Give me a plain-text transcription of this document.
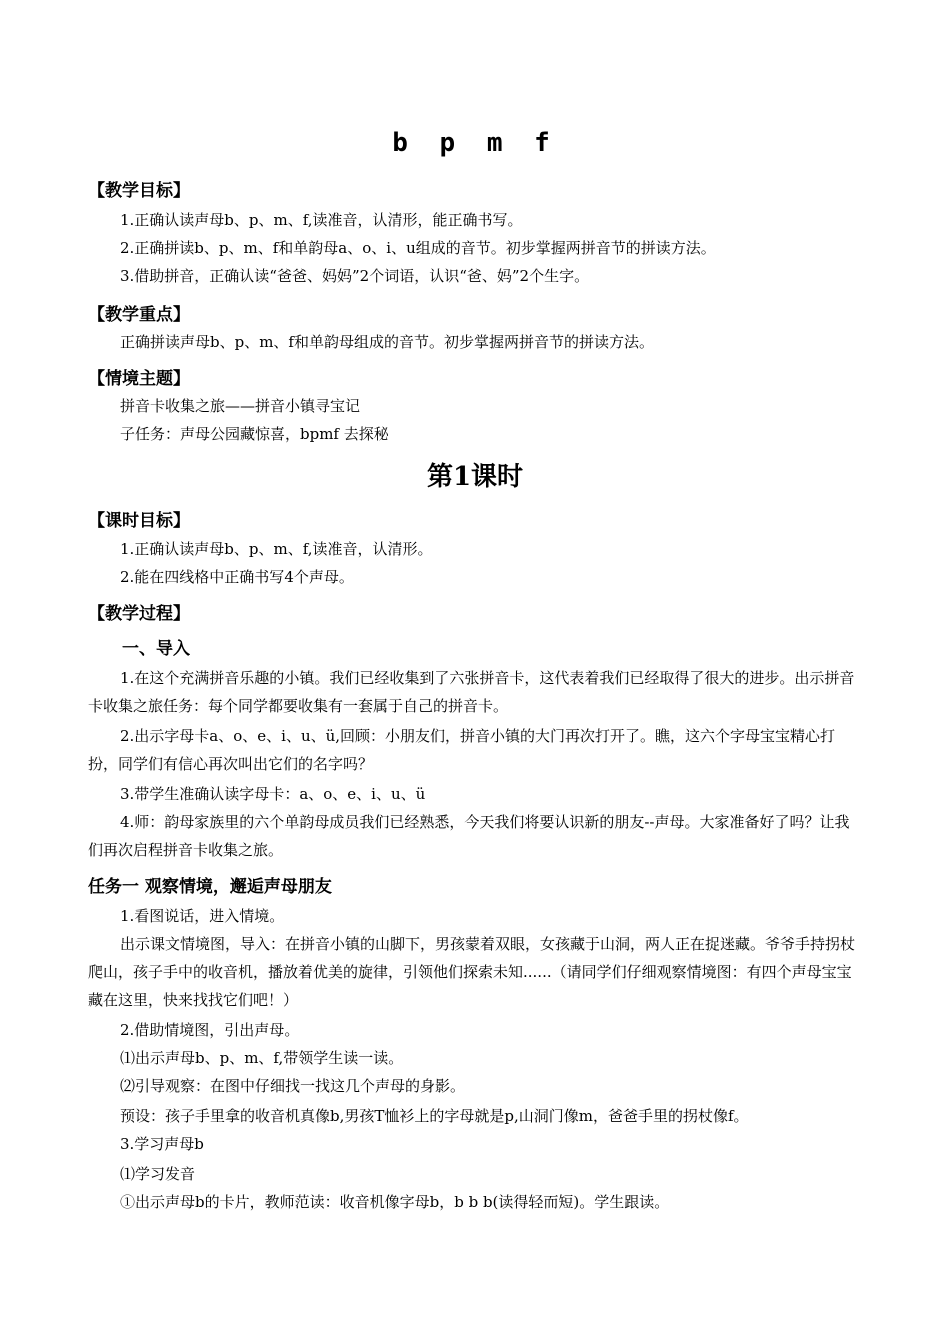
b p m f
【教学目标】
1.正确认读声母b、p、m、f,读准音，认清形，能正确书写。
2.正确拼读b、p、m、f和单韵母a、o、i、u组成的音节。初步掌握两拼音节的拼读方法。
3.借助拼音，正确认读“爸爸、妈妈”2个词语，认识“爸、妈”2个生字。
【教学重点】
正确拼读声母b、p、m、f和单韵母组成的音节。初步掌握两拼音节的拼读方法。
【情境主题】
拼音卡收集之旅——拼音小镇寻宝记
子任务：声母公园藏惊喜，bpmf 去探秘
第1课时
【课时目标】
1.正确认读声母b、p、m、f,读准音，认清形。
2.能在四线格中正确书写4个声母。
【教学过程】
一、导入
1.在这个充满拼音乐趣的小镇。我们已经收集到了六张拼音卡，这代表着我们已经取得了很大的进步。出示拼音卡收集之旅任务：每个同学都要收集有一套属于自己的拼音卡。
2.出示字母卡a、o、e、i、u、ü,回顾：小朋友们，拼音小镇的大门再次打开了。瞧，这六个字母宝宝精心打扮，同学们有信心再次叫出它们的名字吗？
3.带学生准确认读字母卡：a、o、e、i、u、ü
4.师：韵母家族里的六个单韵母成员我们已经熟悉，今天我们将要认识新的朋友--声母。大家准备好了吗？让我们再次启程拼音卡收集之旅。
任务一 观察情境，邂逅声母朋友
1.看图说话，进入情境。
出示课文情境图，导入：在拼音小镇的山脚下，男孩蒙着双眼，女孩藏于山洞，两人正在捉迷藏。爷爷手持拐杖爬山，孩子手中的收音机，播放着优美的旋律，引领他们探索未知......（请同学们仔细观察情境图：有四个声母宝宝藏在这里，快来找找它们吧！）
2.借助情境图，引出声母。
⑴出示声母b、p、m、f,带领学生读一读。
⑵引导观察：在图中仔细找一找这几个声母的身影。
预设：孩子手里拿的收音机真像b,男孩T恤衫上的字母就是p,山洞门像m，爸爸手里的拐杖像f。
3.学习声母b
⑴学习发音
①出示声母b的卡片，教师范读：收音机像字母b，b b b(读得轻而短)。学生跟读。
